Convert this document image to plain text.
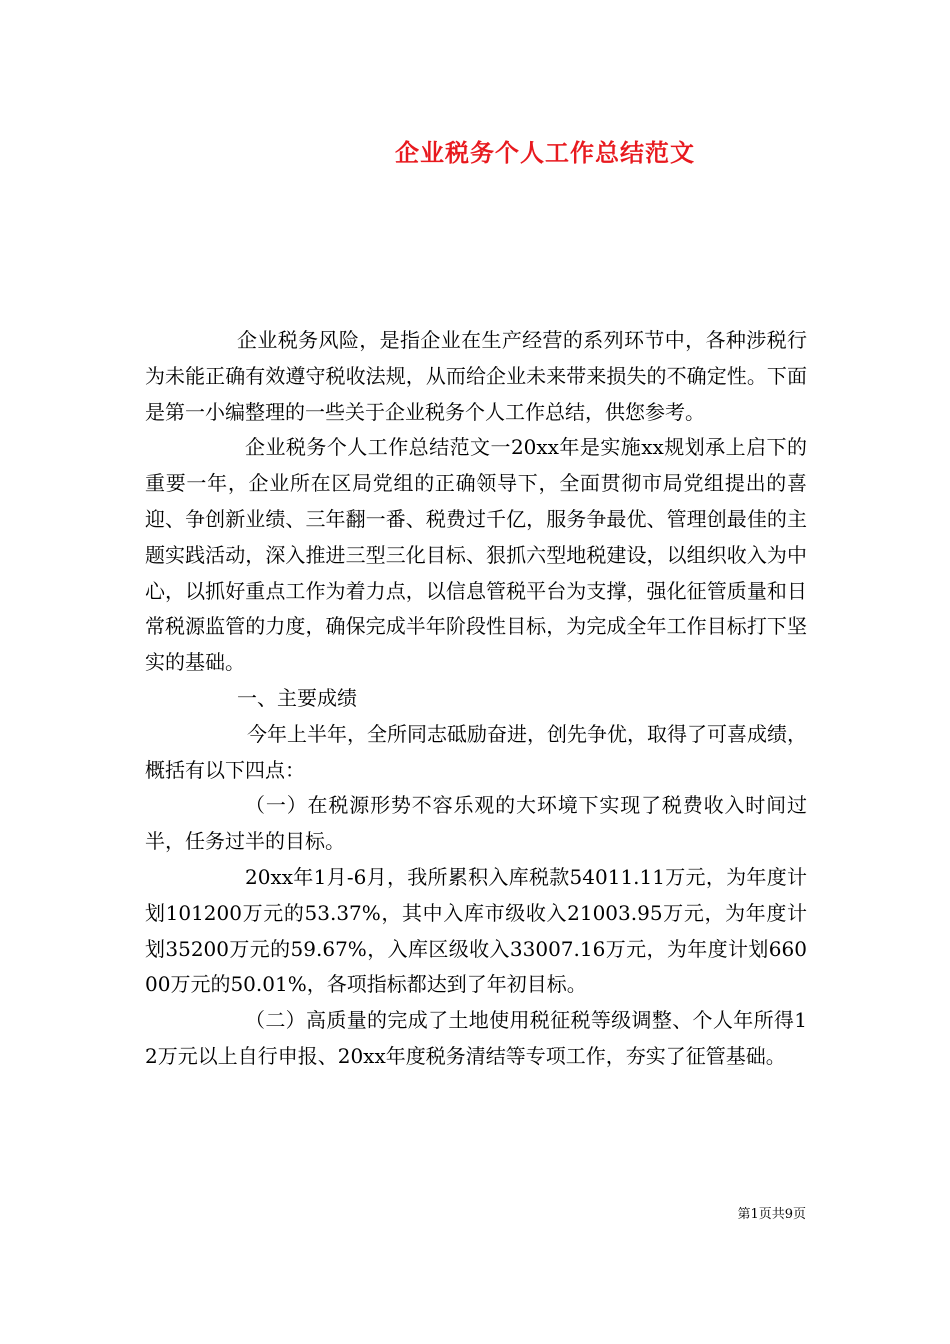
企业税务个人工作总结范文

企业税务风险，是指企业在生产经营的系列环节中，各种涉税行为未能正确有效遵守税收法规，从而给企业未来带来损失的不确定性。下面是第一小编整理的一些关于企业税务个人工作总结，供您参考。

企业税务个人工作总结范文一20xx年是实施xx规划承上启下的重要一年，企业所在区局党组的正确领导下，全面贯彻市局党组提出的喜迎、争创新业绩、三年翻一番、税费过千亿，服务争最优、管理创最佳的主题实践活动，深入推进三型三化目标、狠抓六型地税建设，以组织收入为中心，以抓好重点工作为着力点，以信息管税平台为支撑，强化征管质量和日常税源监管的力度，确保完成半年阶段性目标，为完成全年工作目标打下坚实的基础。

一、主要成绩

今年上半年，全所同志砥励奋进，创先争优，取得了可喜成绩，概括有以下四点：

（一）在税源形势不容乐观的大环境下实现了税费收入时间过半，任务过半的目标。

20xx年1月-6月，我所累积入库税款54011.11万元，为年度计划101200万元的53.37%，其中入库市级收入21003.95万元，为年度计划35200万元的59.67%，入库区级收入33007.16万元，为年度计划66000万元的50.01%，各项指标都达到了年初目标。

（二）高质量的完成了土地使用税征税等级调整、个人年所得12万元以上自行申报、20xx年度税务清结等专项工作，夯实了征管基础。

第1页共9页
